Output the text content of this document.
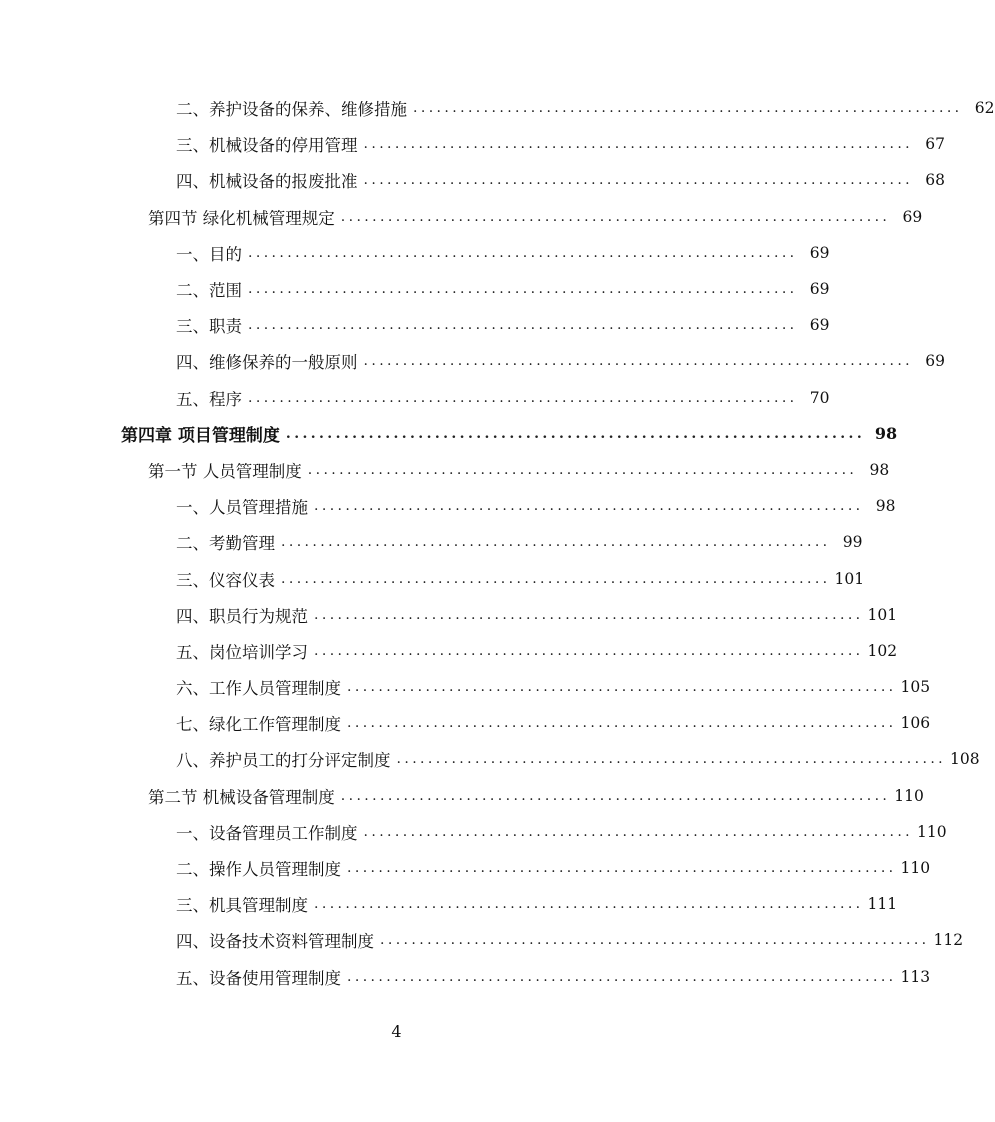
二、养护设备的保养、维修措施 ...................................................................... 62
三、机械设备的停用管理 ...................................................................... 67
四、机械设备的报废批准 ...................................................................... 68
第四节 绿化机械管理规定 ...................................................................... 69
一、目的 ...................................................................... 69
二、范围 ...................................................................... 69
三、职责 ...................................................................... 69
四、维修保养的一般原则 ...................................................................... 69
五、程序 ...................................................................... 70
第四章 项目管理制度 ...................................................................... 98
第一节 人员管理制度 ...................................................................... 98
一、人员管理措施 ...................................................................... 98
二、考勤管理 ...................................................................... 99
三、仪容仪表 ...................................................................... 101
四、职员行为规范 ...................................................................... 101
五、岗位培训学习 ...................................................................... 102
六、工作人员管理制度 ...................................................................... 105
七、绿化工作管理制度 ...................................................................... 106
八、养护员工的打分评定制度 ...................................................................... 108
第二节 机械设备管理制度 ...................................................................... 110
一、设备管理员工作制度 ...................................................................... 110
二、操作人员管理制度 ...................................................................... 110
三、机具管理制度 ...................................................................... 111
四、设备技术资料管理制度 ...................................................................... 112
五、设备使用管理制度 ...................................................................... 113
4
